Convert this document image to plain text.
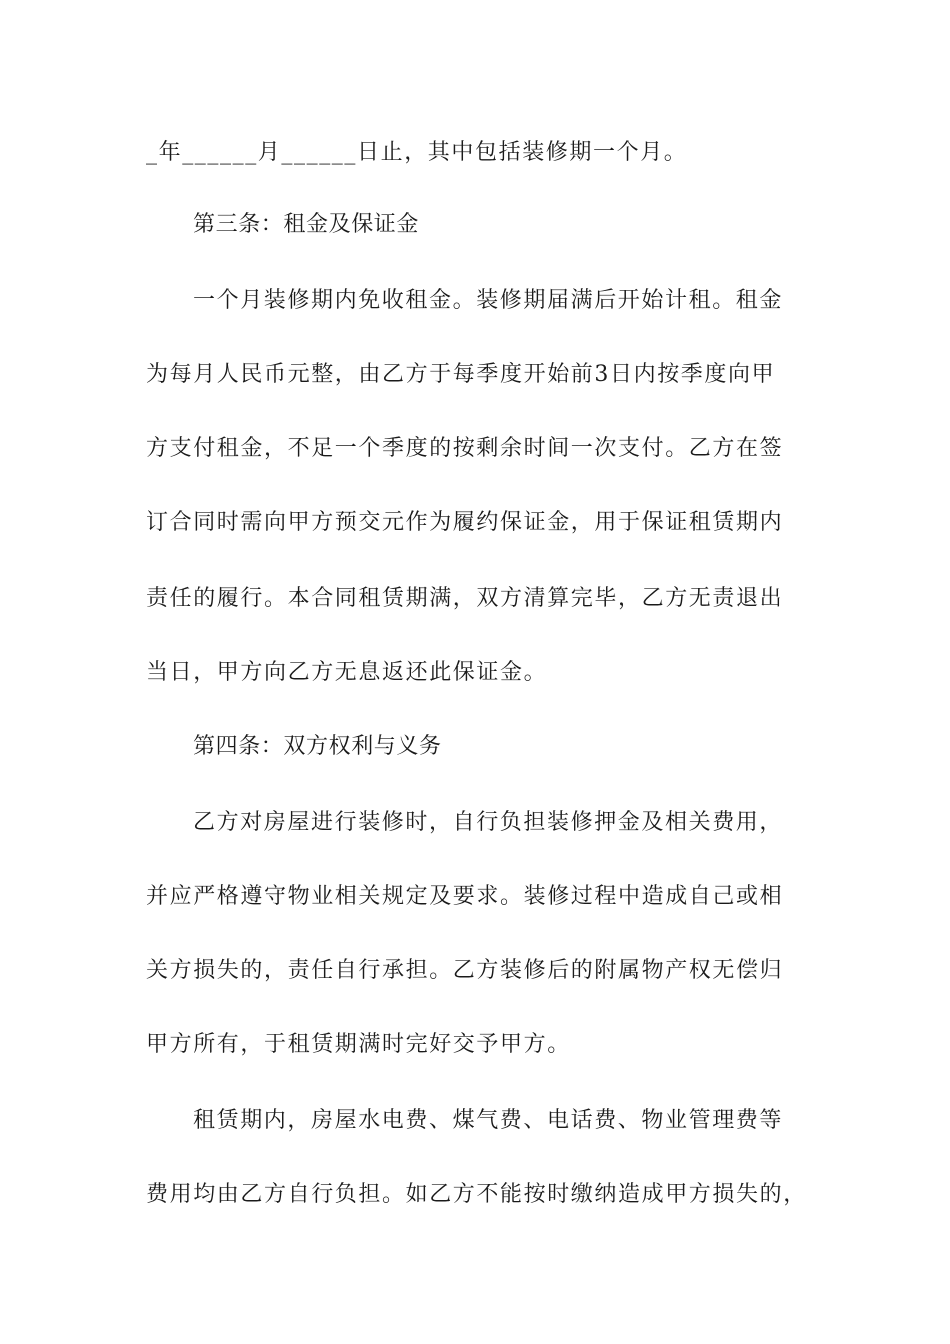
_年______月______日止，其中包括装修期一个月。
第三条：租金及保证金
一个月装修期内免收租金。装修期届满后开始计租。租金
为每月人民币元整，由乙方于每季度开始前3日内按季度向甲
方支付租金，不足一个季度的按剩余时间一次支付。乙方在签
订合同时需向甲方预交元作为履约保证金，用于保证租赁期内
责任的履行。本合同租赁期满，双方清算完毕，乙方无责退出
当日，甲方向乙方无息返还此保证金。
第四条：双方权利与义务
乙方对房屋进行装修时，自行负担装修押金及相关费用，
并应严格遵守物业相关规定及要求。装修过程中造成自己或相
关方损失的，责任自行承担。乙方装修后的附属物产权无偿归
甲方所有，于租赁期满时完好交予甲方。
租赁期内，房屋水电费、煤气费、电话费、物业管理费等
费用均由乙方自行负担。如乙方不能按时缴纳造成甲方损失的，
